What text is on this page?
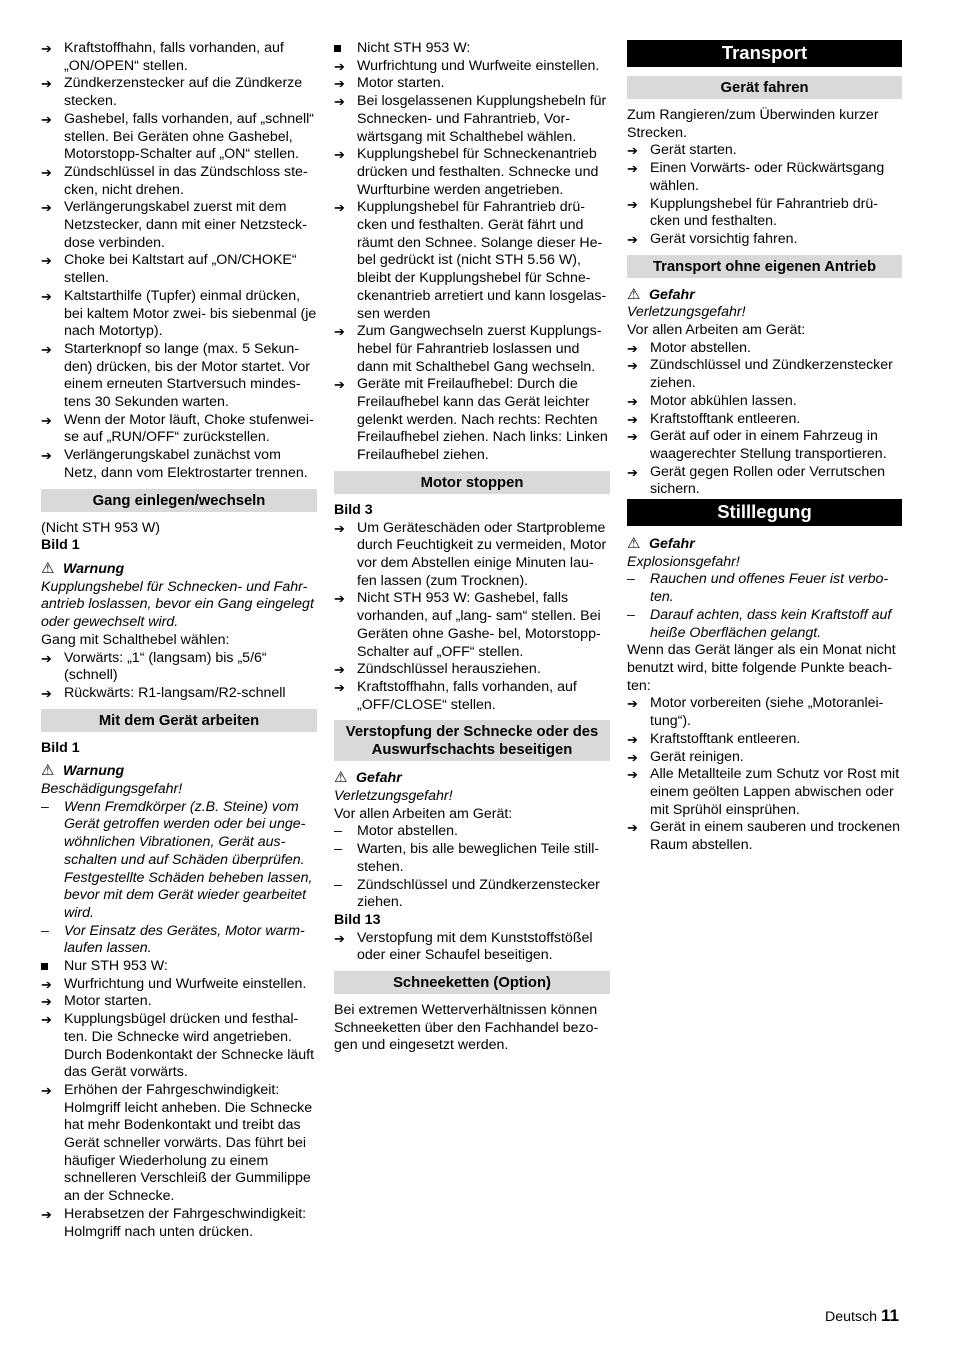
➔ Kraftstoffhahn, falls vorhanden, auf „ON/OPEN“ stellen.
➔ Zündkerzenstecker auf die Zündkerze stecken.
➔ Gashebel, falls vorhanden, auf „schnell“ stellen. Bei Geräten ohne Gashebel, Motorstopp-Schalter auf „ON“ stellen.
➔ Zündschlüssel in das Zündschloss ste- cken, nicht drehen.
➔ Verlängerungskabel zuerst mit dem Netzstecker, dann mit einer Netzsteck- dose verbinden.
➔ Choke bei Kaltstart auf „ON/CHOKE“ stellen.
➔ Kaltstarthilfe (Tupfer) einmal drücken, bei kaltem Motor zwei- bis siebenmal (je nach Motortyp).
➔ Starterknopf so lange (max. 5 Sekun- den) drücken, bis der Motor startet. Vor einem erneuten Startversuch mindes- tens 30 Sekunden warten.
➔ Wenn der Motor läuft, Choke stufenwei- se auf „RUN/OFF“ zurückstellen.
➔ Verlängerungskabel zunächst vom Netz, dann vom Elektrostarter trennen.
Gang einlegen/wechseln
(Nicht STH 953 W)
Bild 1
⚠ Warnung
Kupplungshebel für Schnecken- und Fahr- antrieb loslassen, bevor ein Gang eingelegt oder gewechselt wird.
Gang mit Schalthebel wählen:
➔ Vorwärts: „1“ (langsam) bis „5/6“ (schnell)
➔ Rückwärts: R1-langsam/R2-schnell
Mit dem Gerät arbeiten
Bild 1
⚠ Warnung
Beschädigungsgefahr!
–	Wenn Fremdkörper (z.B. Steine) vom Gerät getroffen werden oder bei unge- wöhnlichen Vibrationen, Gerät aus- schalten und auf Schäden überprüfen. Festgestellte Schäden beheben lassen, bevor mit dem Gerät wieder gearbeitet wird.
–	Vor Einsatz des Gerätes, Motor warm- laufen lassen.
Nur STH 953 W:
➔ Wurfrichtung und Wurfweite einstellen.
➔ Motor starten.
➔ Kupplungsbügel drücken und festhal- ten. Die Schnecke wird angetrieben. Durch Bodenkontakt der Schnecke läuft das Gerät vorwärts.
➔ Erhöhen der Fahrgeschwindigkeit: Holmgriff leicht anheben. Die Schnecke hat mehr Bodenkontakt und treibt das Gerät schneller vorwärts. Das führt bei häufiger Wiederholung zu einem schnelleren Verschleiß der Gummilippe an der Schnecke.
➔ Herabsetzen der Fahrgeschwindigkeit: Holmgriff nach unten drücken.
Nicht STH 953 W:
➔ Wurfrichtung und Wurfweite einstellen.
➔ Motor starten.
➔ Bei losgelassenen Kupplungshebeln für Schnecken- und Fahrantrieb, Vor- wärtsgang mit Schalthebel wählen.
➔ Kupplungshebel für Schneckenantrieb drücken und festhalten. Schnecke und Wurfturbine werden angetrieben.
➔ Kupplungshebel für Fahrantrieb drü- cken und festhalten. Gerät fährt und räumt den Schnee. Solange dieser He- bel gedrückt ist (nicht STH 5.56 W), bleibt der Kupplungshebel für Schne- ckenantrieb arretiert und kann losgelas- sen werden
➔ Zum Gangwechseln zuerst Kupplungs- hebel für Fahrantrieb loslassen und dann mit Schalthebel Gang wechseln.
➔ Geräte mit Freilaufhebel: Durch die Freilaufhebel kann das Gerät leichter gelenkt werden. Nach rechts: Rechten Freilaufhebel ziehen. Nach links: Linken Freilaufhebel ziehen.
Motor stoppen
Bild 3
➔ Um Geräteschäden oder Startprobleme durch Feuchtigkeit zu vermeiden, Motor vor dem Abstellen einige Minuten lau- fen lassen (zum Trocknen).
➔ Nicht STH 953 W: Gashebel, falls vorhanden, auf „lang- sam“ stellen. Bei Geräten ohne Gashe- bel, Motorstopp-Schalter auf „OFF“ stellen.
➔ Zündschlüssel herausziehen.
➔ Kraftstoffhahn, falls vorhanden, auf „OFF/CLOSE“ stellen.
Verstopfung der Schnecke oder des Auswurfschachts beseitigen
⚠ Gefahr
Verletzungsgefahr!
Vor allen Arbeiten am Gerät:
–	Motor abstellen.
–	Warten, bis alle beweglichen Teile still- stehen.
–	Zündschlüssel und Zündkerzenstecker ziehen.
Bild 13
➔ Verstopfung mit dem Kunststoffstößel oder einer Schaufel beseitigen.
Schneeketten (Option)
Bei extremen Wetterverhältnissen können Schneeketten über den Fachhandel bezo- gen und eingesetzt werden.
Transport
Gerät fahren
Zum Rangieren/zum Überwinden kurzer Strecken.
➔ Gerät starten.
➔ Einen Vorwärts- oder Rückwärtsgang wählen.
➔ Kupplungshebel für Fahrantrieb drü- cken und festhalten.
➔ Gerät vorsichtig fahren.
Transport ohne eigenen Antrieb
⚠ Gefahr
Verletzungsgefahr!
Vor allen Arbeiten am Gerät:
➔ Motor abstellen.
➔ Zündschlüssel und Zündkerzenstecker ziehen.
➔ Motor abkühlen lassen.
➔ Kraftstofftank entleeren.
➔ Gerät auf oder in einem Fahrzeug in waagerechter Stellung transportieren.
➔ Gerät gegen Rollen oder Verrutschen sichern.
Stilllegung
⚠ Gefahr
Explosionsgefahr!
–	Rauchen und offenes Feuer ist verbo- ten.
–	Darauf achten, dass kein Kraftstoff auf heiße Oberflächen gelangt.
Wenn das Gerät länger als ein Monat nicht benutzt wird, bitte folgende Punkte beach- ten:
➔ Motor vorbereiten (siehe „Motoranlei- tung“).
➔ Kraftstofftank entleeren.
➔ Gerät reinigen.
➔ Alle Metallteile zum Schutz vor Rost mit einem geölten Lappen abwischen oder mit Sprühöl einsprühen.
➔ Gerät in einem sauberen und trockenen Raum abstellen.
Deutsch 11
